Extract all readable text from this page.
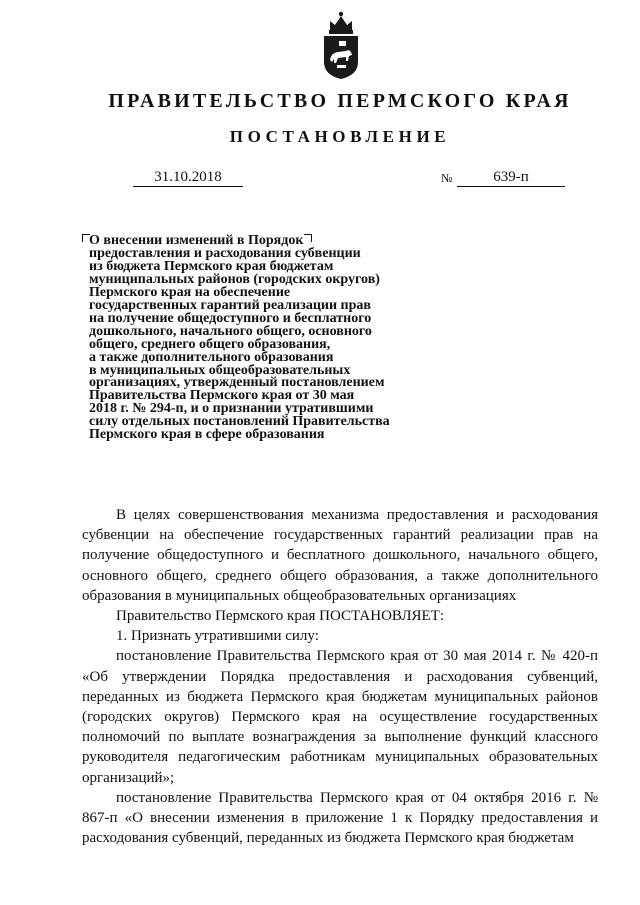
ПРАВИТЕЛЬСТВО ПЕРМСКОГО КРАЯ
ПОСТАНОВЛЕНИЕ
31.10.2018	№	639-п

О внесении изменений в Порядок
предоставления и расходования субвенции
из бюджета Пермского края бюджетам
муниципальных районов (городских округов)
Пермского края на обеспечение
государственных гарантий реализации прав
на получение общедоступного и бесплатного
дошкольного, начального общего, основного
общего, среднего общего образования,
а также дополнительного образования
в муниципальных общеобразовательных
организациях, утвержденный постановлением
Правительства Пермского края от 30 мая
2018 г. № 294-п, и о признании утратившими
силу отдельных постановлений Правительства
Пермского края в сфере образования

В целях совершенствования механизма предоставления и расходования субвенции на обеспечение государственных гарантий реализации прав на получение общедоступного и бесплатного дошкольного, начального общего, основного общего, среднего общего образования, а также дополнительного образования в муниципальных общеобразовательных организациях

Правительство Пермского края ПОСТАНОВЛЯЕТ:

1. Признать утратившими силу:

постановление Правительства Пермского края от 30 мая 2014 г. № 420-п «Об утверждении Порядка предоставления и расходования субвенций, переданных из бюджета Пермского края бюджетам муниципальных районов (городских округов) Пермского края на осуществление государственных полномочий по выплате вознаграждения за выполнение функций классного руководителя педагогическим работникам муниципальных образовательных организаций»;

постановление Правительства Пермского края от 04 октября 2016 г. № 867-п «О внесении изменения в приложение 1 к Порядку предоставления и расходования субвенций, переданных из бюджета Пермского края бюджетам
